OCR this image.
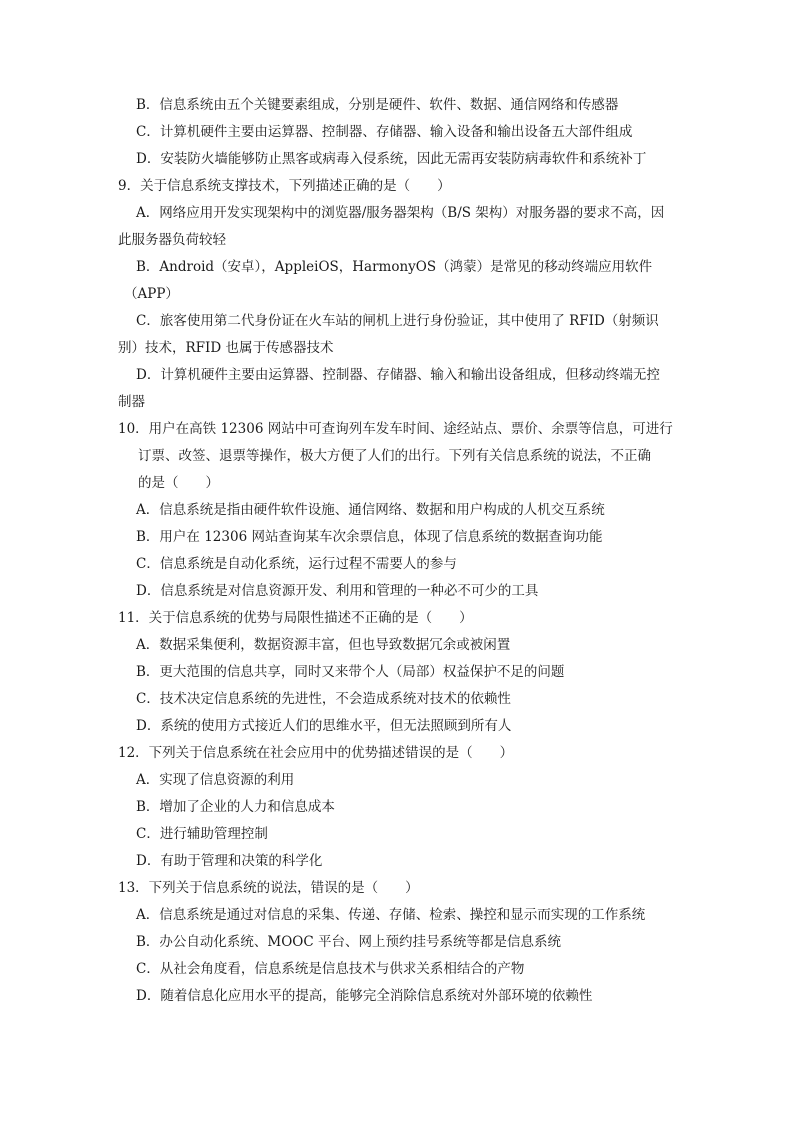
B．信息系统由五个关键要素组成，分别是硬件、软件、数据、通信网络和传感器
C．计算机硬件主要由运算器、控制器、存储器、输入设备和输出设备五大部件组成
D．安装防火墙能够防止黑客或病毒入侵系统，因此无需再安装防病毒软件和系统补丁
9．关于信息系统支撑技术，下列描述正确的是（　　）
A．网络应用开发实现架构中的浏览器/服务器架构（B/S 架构）对服务器的要求不高，因
此服务器负荷较轻
B．Android（安卓），AppleiOS，HarmonyOS（鸿蒙）是常见的移动终端应用软件
（APP）
C．旅客使用第二代身份证在火车站的闸机上进行身份验证，其中使用了 RFID（射频识
别）技术，RFID 也属于传感器技术
D．计算机硬件主要由运算器、控制器、存储器、输入和输出设备组成，但移动终端无控
制器
10．用户在高铁 12306 网站中可查询列车发车时间、途经站点、票价、余票等信息，可进行
订票、改签、退票等操作，极大方便了人们的出行。下列有关信息系统的说法，不正确
的是（　　）
A．信息系统是指由硬件软件设施、通信网络、数据和用户构成的人机交互系统
B．用户在 12306 网站查询某车次余票信息，体现了信息系统的数据查询功能
C．信息系统是自动化系统，运行过程不需要人的参与
D．信息系统是对信息资源开发、利用和管理的一种必不可少的工具
11．关于信息系统的优势与局限性描述不正确的是（　　）
A．数据采集便利，数据资源丰富，但也导致数据冗余或被闲置
B．更大范围的信息共享，同时又来带个人（局部）权益保护不足的问题
C．技术决定信息系统的先进性，不会造成系统对技术的依赖性
D．系统的使用方式接近人们的思维水平，但无法照顾到所有人
12．下列关于信息系统在社会应用中的优势描述错误的是（　　）
A．实现了信息资源的利用
B．增加了企业的人力和信息成本
C．进行辅助管理控制
D．有助于管理和决策的科学化
13．下列关于信息系统的说法，错误的是（　　）
A．信息系统是通过对信息的采集、传递、存储、检索、操控和显示而实现的工作系统
B．办公自动化系统、MOOC 平台、网上预约挂号系统等都是信息系统
C．从社会角度看，信息系统是信息技术与供求关系相结合的产物
D．随着信息化应用水平的提高，能够完全消除信息系统对外部环境的依赖性
